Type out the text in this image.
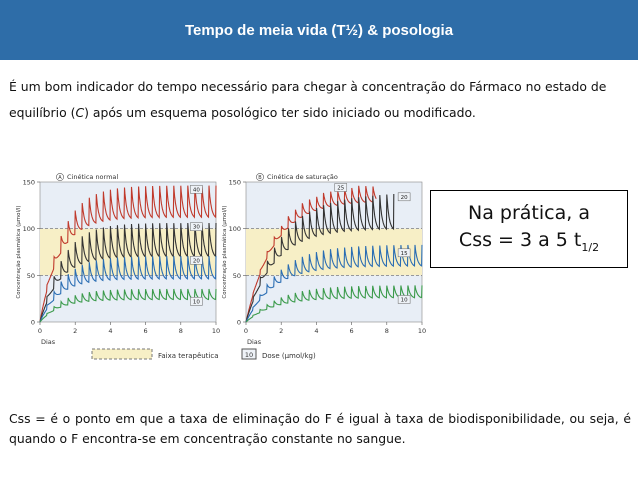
Tempo de meia vida (T½) & posologia
É um bom indicador do tempo necessário para chegar à concentração do Fármaco no estado de equilíbrio (C) após um esquema posológico ter sido iniciado ou modificado.
0
50
100
150
0	2	4	6	8	10
Dias
Concentração plasmática (μmol/l)
A Cinética normal
40
30
20
10
0
50
100
150
0	2	4	6	8	10
Dias
Concentração plasmática (μmol/l)
B Cinética de saturação
25
20
15
10
Faixa terapêutica	10 Dose (μmol/kg)
Na prática, a
Css = 3 a 5 $t_{1/2}$
Css = é o ponto em que a taxa de eliminação do F é igual à taxa de biodisponibilidade, ou seja, é quando o F encontra-se em concentração constante no sangue.
